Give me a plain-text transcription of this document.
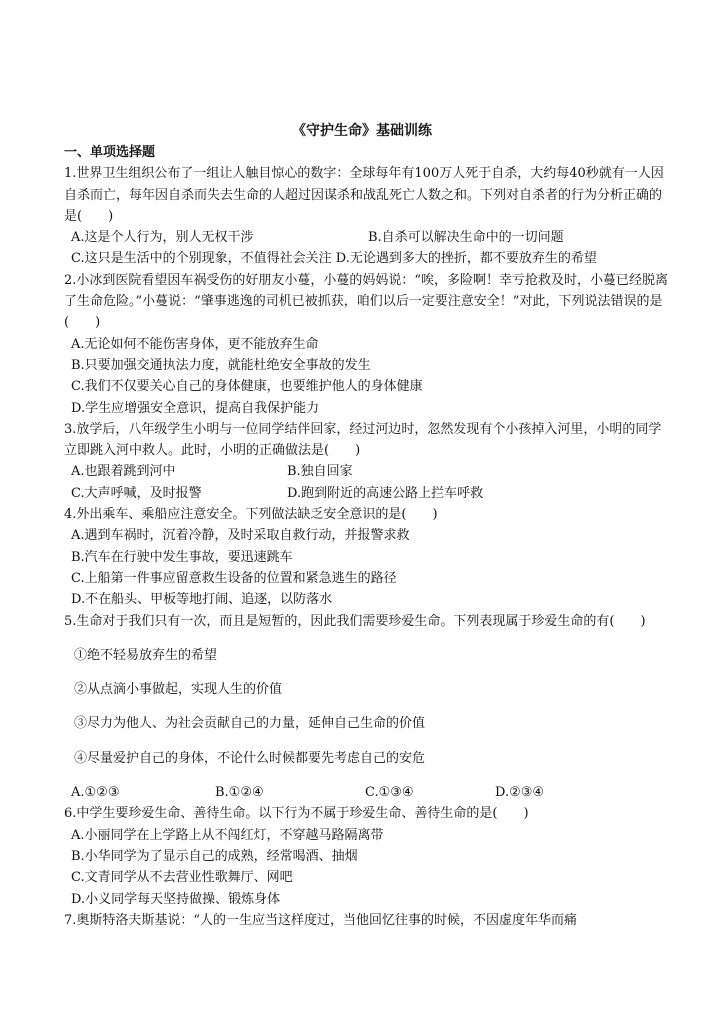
《守护生命》基础训练
一、单项选择题

1.世界卫生组织公布了一组让人触目惊心的数字：全球每年有100万人死于自杀，大约每40秒就有一人因自杀而亡，每年因自杀而失去生命的人超过因谋杀和战乱死亡人数之和。下列对自杀者的行为分析正确的是(　　)

A.这是个人行为，别人无权干涉	B.自杀可以解决生命中的一切问题

C.这只是生活中的个别现象，不值得社会关注 D.无论遇到多大的挫折，都不要放弃生的希望

2.小冰到医院看望因车祸受伤的好朋友小蔓，小蔓的妈妈说：“唉，多险啊！幸亏抢救及时，小蔓已经脱离了生命危险。”小蔓说：“肇事逃逸的司机已被抓获，咱们以后一定要注意安全！”对此，下列说法错误的是(　　)

A.无论如何不能伤害身体，更不能放弃生命

B.只要加强交通执法力度，就能杜绝安全事故的发生

C.我们不仅要关心自己的身体健康，也要维护他人的身体健康

D.学生应增强安全意识，提高自我保护能力

3.放学后，八年级学生小明与一位同学结伴回家，经过河边时，忽然发现有个小孩掉入河里，小明的同学立即跳入河中救人。此时，小明的正确做法是(　　)

A.也跟着跳到河中	B.独自回家
C.大声呼喊，及时报警	D.跑到附近的高速公路上拦车呼救

4.外出乘车、乘船应注意安全。下列做法缺乏安全意识的是(　　)

A.遇到车祸时，沉着冷静，及时采取自救行动，并报警求救

B.汽车在行驶中发生事故，要迅速跳车

C.上船第一件事应留意救生设备的位置和紧急逃生的路径

D.不在船头、甲板等地打闹、追逐，以防落水

5.生命对于我们只有一次，而且是短暂的，因此我们需要珍爱生命。下列表现属于珍爱生命的有(　　)

①绝不轻易放弃生的希望

②从点滴小事做起，实现人生的价值

③尽力为他人、为社会贡献自己的力量，延伸自己生命的价值

④尽量爱护自己的身体，不论什么时候都要先考虑自己的安危

A.①②③	B.①②④	C.①③④	D.②③④

6.中学生要珍爱生命、善待生命。以下行为不属于珍爱生命、善待生命的是(　　)

A.小丽同学在上学路上从不闯红灯，不穿越马路隔离带

B.小华同学为了显示自己的成熟，经常喝酒、抽烟

C.文青同学从不去营业性歌舞厅、网吧

D.小义同学每天坚持做操、锻炼身体

7.奥斯特洛夫斯基说：“人的一生应当这样度过，当他回忆往事的时候，不因虚度年华而痛
